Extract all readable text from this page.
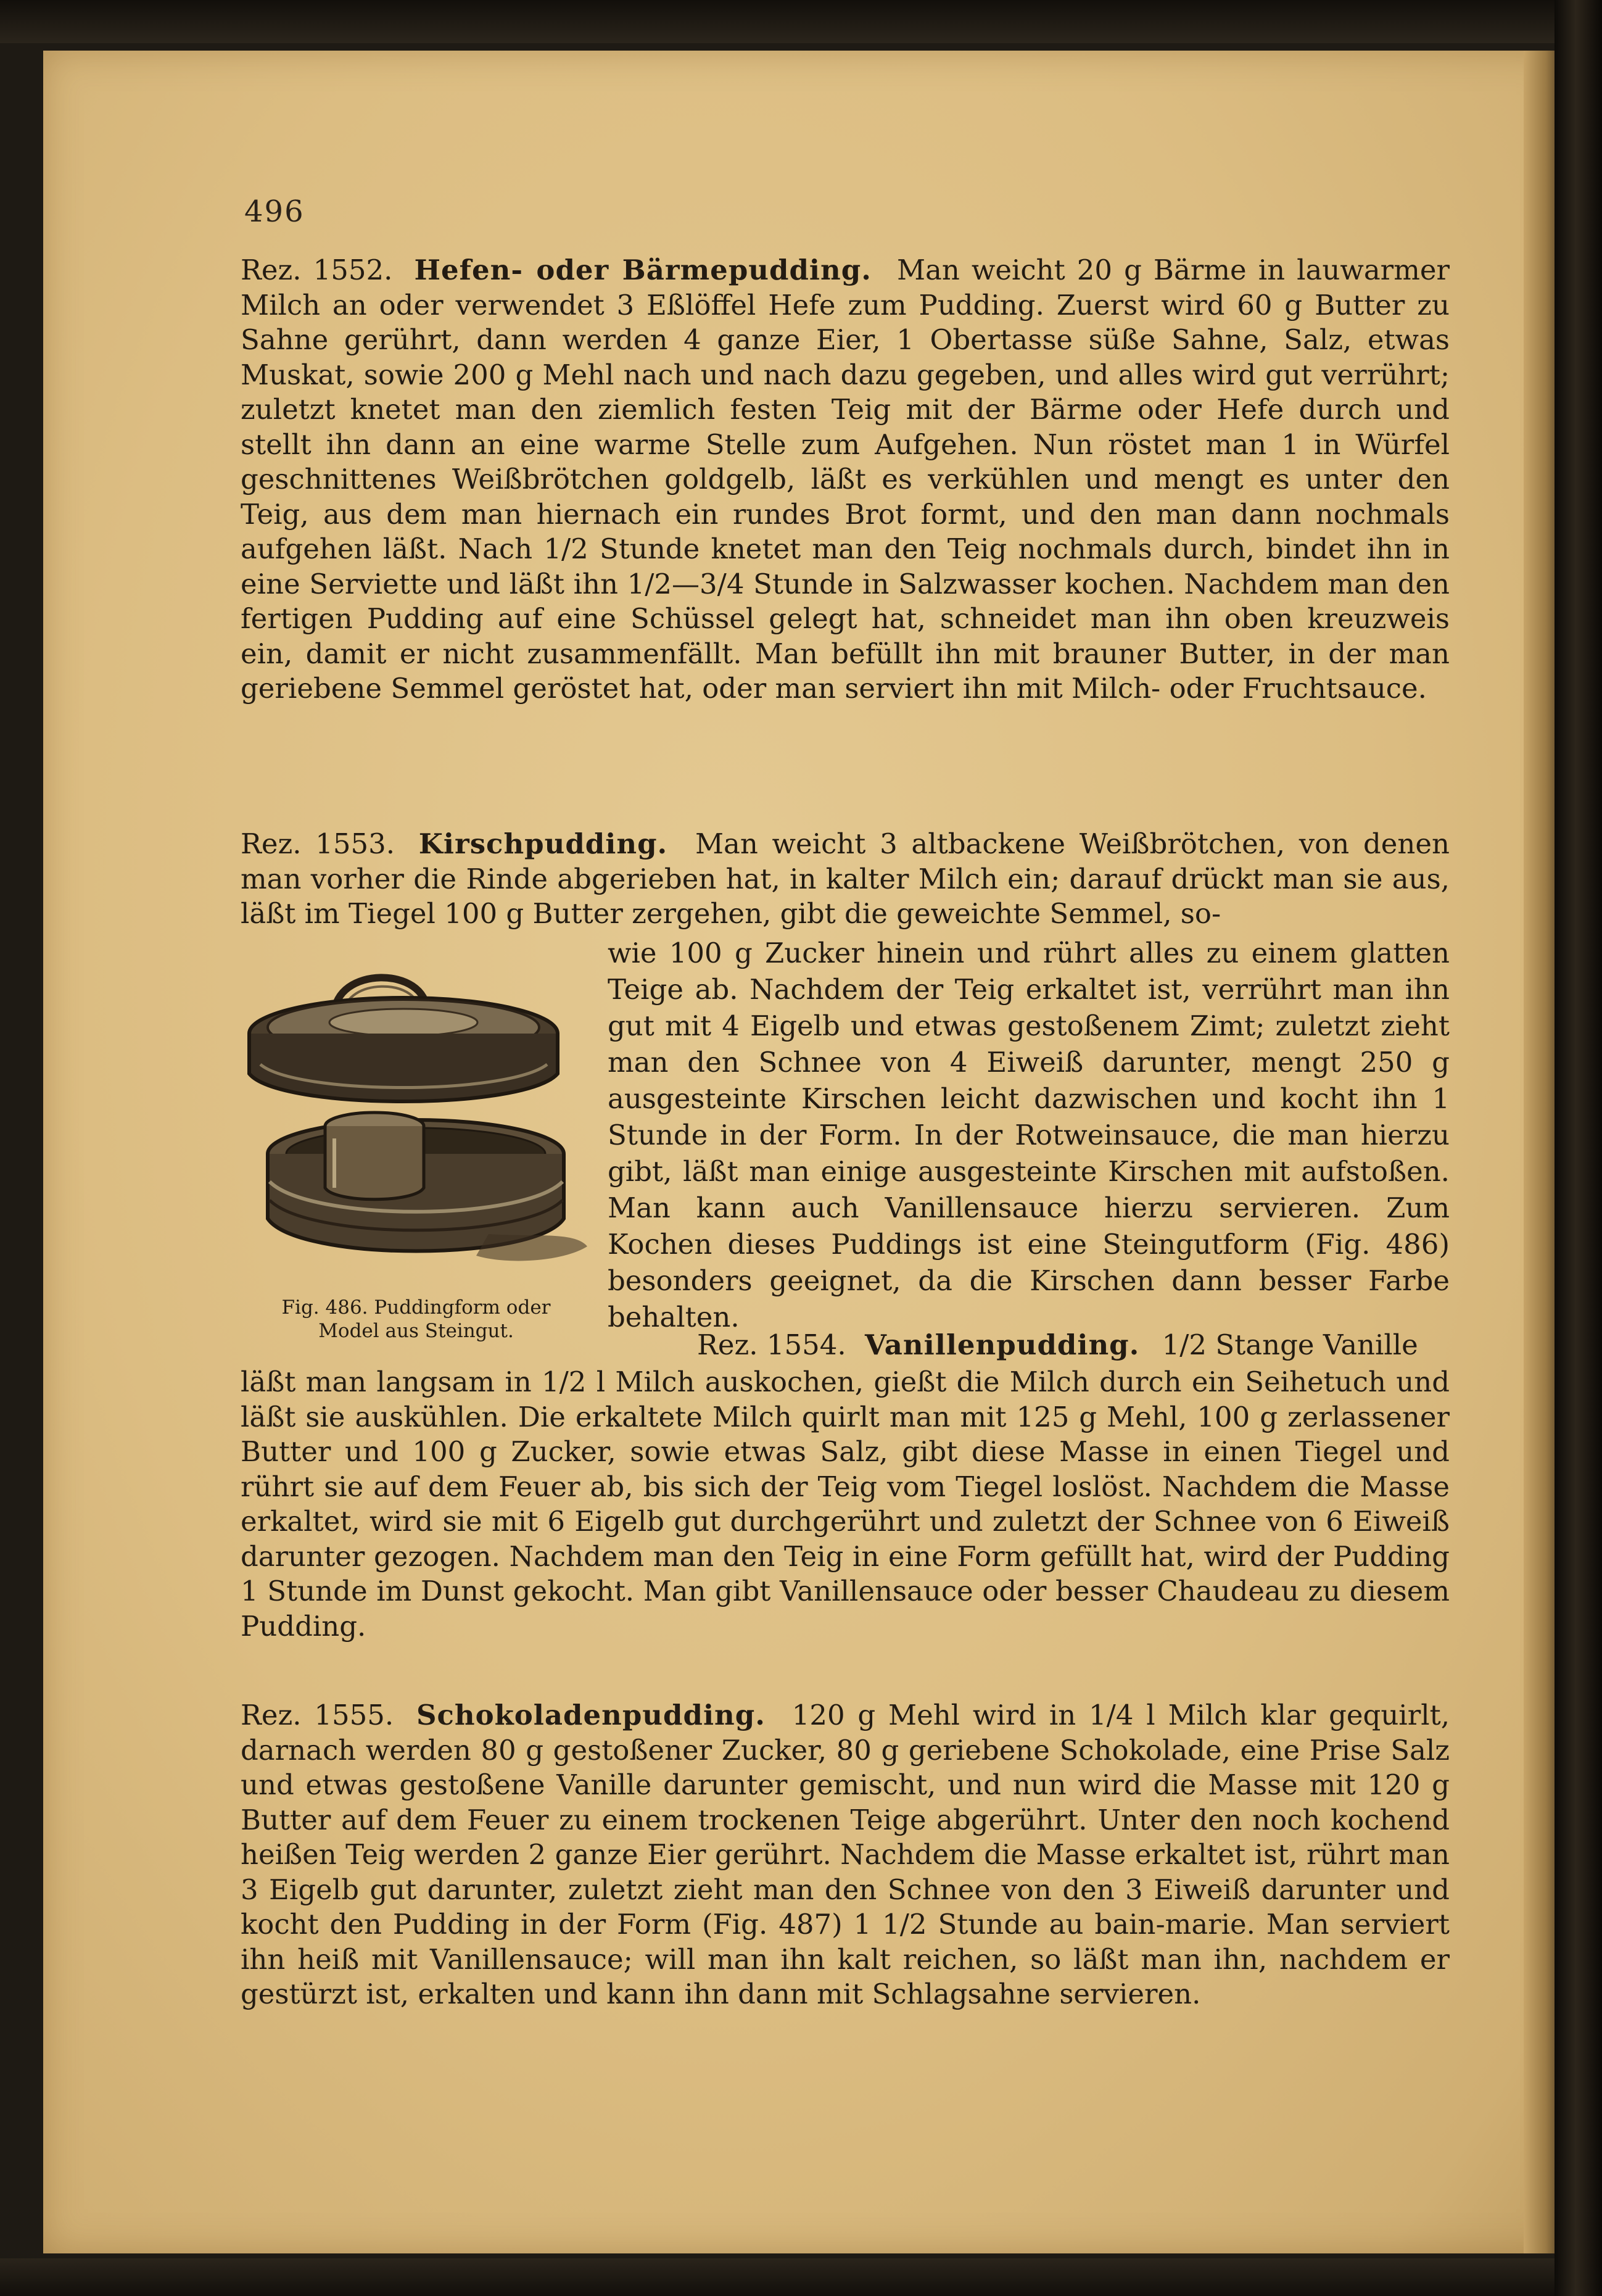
496

Rez. 1552. Hefen- oder Bärmepudding. Man weicht 20 g Bärme in lauwarmer Milch an oder verwendet 3 Eßlöffel Hefe zum Pudding. Zuerst wird 60 g Butter zu Sahne gerührt, dann werden 4 ganze Eier, 1 Obertasse süße Sahne, Salz, etwas Muskat, sowie 200 g Mehl nach und nach dazu gegeben, und alles wird gut verrührt; zuletzt knetet man den ziemlich festen Teig mit der Bärme oder Hefe durch und stellt ihn dann an eine warme Stelle zum Aufgehen. Nun röstet man 1 in Würfel geschnittenes Weißbrötchen goldgelb, läßt es verkühlen und mengt es unter den Teig, aus dem man hiernach ein rundes Brot formt, und den man dann nochmals aufgehen läßt. Nach 1/2 Stunde knetet man den Teig nochmals durch, bindet ihn in eine Serviette und läßt ihn 1/2—3/4 Stunde in Salzwasser kochen. Nachdem man den fertigen Pudding auf eine Schüssel gelegt hat, schneidet man ihn oben kreuzweis ein, damit er nicht zusammenfällt. Man befüllt ihn mit brauner Butter, in der man geriebene Semmel geröstet hat, oder man serviert ihn mit Milch- oder Fruchtsauce.

Rez. 1553. Kirschpudding. Man weicht 3 altbackene Weißbrötchen, von denen man vorher die Rinde abgerieben hat, in kalter Milch ein; darauf drückt man sie aus, läßt im Tiegel 100 g Butter zergehen, gibt die geweichte Semmel, so-

Fig. 486. Puddingform oder
Model aus Steingut.

wie 100 g Zucker hinein und rührt alles zu einem glatten Teige ab. Nachdem der Teig erkaltet ist, verrührt man ihn gut mit 4 Eigelb und etwas gestoßenem Zimt; zuletzt zieht man den Schnee von 4 Eiweiß darunter, mengt 250 g ausgesteinte Kirschen leicht dazwischen und kocht ihn 1 Stunde in der Form. In der Rotweinsauce, die man hierzu gibt, läßt man einige ausgesteinte Kirschen mit aufstoßen. Man kann auch Vanillensauce hierzu servieren. Zum Kochen dieses Puddings ist eine Steingutform (Fig. 486) besonders geeignet, da die Kirschen dann besser Farbe behalten.

Rez. 1554. Vanillenpudding. 1/2 Stange Vanille

läßt man langsam in 1/2 l Milch auskochen, gießt die Milch durch ein Seihetuch und läßt sie auskühlen. Die erkaltete Milch quirlt man mit 125 g Mehl, 100 g zerlassener Butter und 100 g Zucker, sowie etwas Salz, gibt diese Masse in einen Tiegel und rührt sie auf dem Feuer ab, bis sich der Teig vom Tiegel loslöst. Nachdem die Masse erkaltet, wird sie mit 6 Eigelb gut durchgerührt und zuletzt der Schnee von 6 Eiweiß darunter gezogen. Nachdem man den Teig in eine Form gefüllt hat, wird der Pudding 1 Stunde im Dunst gekocht. Man gibt Vanillensauce oder besser Chaudeau zu diesem Pudding.

Rez. 1555. Schokoladenpudding. 120 g Mehl wird in 1/4 l Milch klar gequirlt, darnach werden 80 g gestoßener Zucker, 80 g geriebene Schokolade, eine Prise Salz und etwas gestoßene Vanille darunter gemischt, und nun wird die Masse mit 120 g Butter auf dem Feuer zu einem trockenen Teige abgerührt. Unter den noch kochend heißen Teig werden 2 ganze Eier gerührt. Nachdem die Masse erkaltet ist, rührt man 3 Eigelb gut darunter, zuletzt zieht man den Schnee von den 3 Eiweiß darunter und kocht den Pudding in der Form (Fig. 487) 1 1/2 Stunde au bain-marie. Man serviert ihn heiß mit Vanillensauce; will man ihn kalt reichen, so läßt man ihn, nachdem er gestürzt ist, erkalten und kann ihn dann mit Schlagsahne servieren.
